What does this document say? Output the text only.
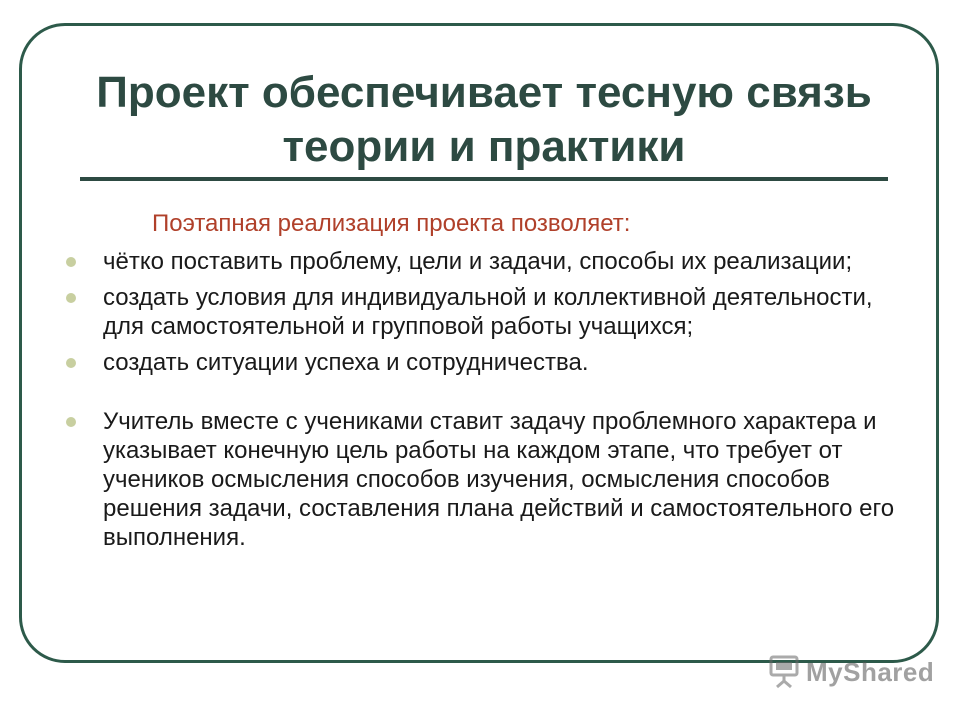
Проект обеспечивает тесную связь теории и практики

Поэтапная реализация проекта позволяет:

чётко поставить проблему, цели и задачи, способы их реализации;
создать условия для индивидуальной и коллективной деятельности, для самостоятельной и групповой работы учащихся;
создать ситуации успеха и сотрудничества.
Учитель вместе с учениками ставит задачу проблемного характера и указывает конечную цель работы на каждом этапе, что требует от учеников осмысления способов изучения, осмысления способов решения задачи, составления плана действий и самостоятельного его выполнения.
MyShared
